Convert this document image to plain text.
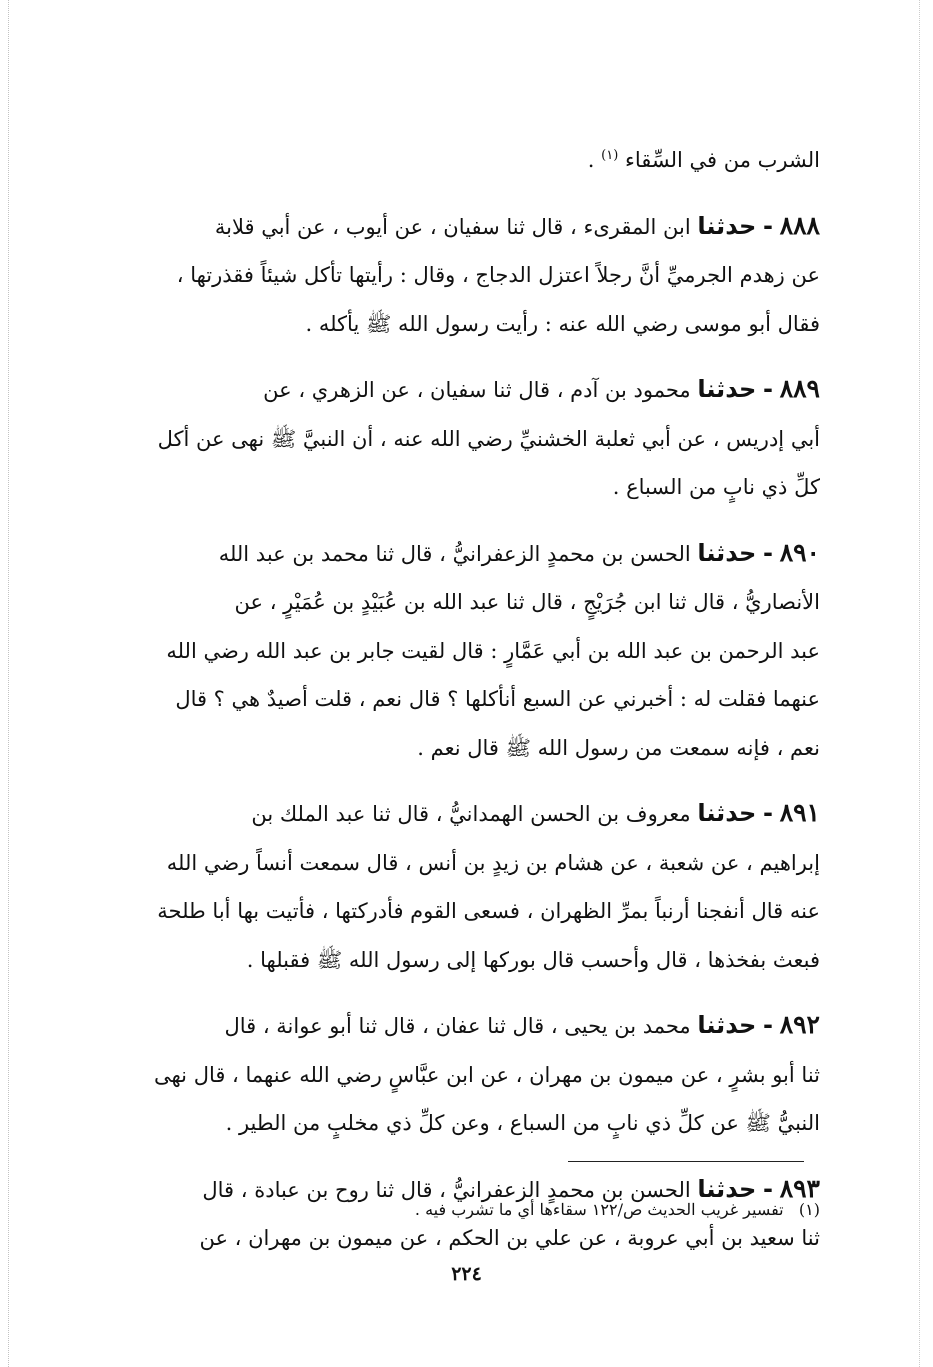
الشرب من في السِّقاء $^{(١)}$ .
٨٨٨ - حدثنا ابن المقرىء ، قال ثنا سفيان ، عن أيوب ، عن أبي قلابة
عن زهدم الجرميِّ أنَّ رجلاً اعتزل الدجاج ، وقال : رأيتها تأكل شيئاً فقذرتها ،
فقال أبو موسى رضي الله عنه : رأيت رسول الله ﷺ يأكله .
٨٨٩ - حدثنا محمود بن آدم ، قال ثنا سفيان ، عن الزهري ، عن
أبي إدريس ، عن أبي ثعلبة الخشنيِّ رضي الله عنه ، أن النبيَّ ﷺ نهى عن أكل
كلِّ ذي نابٍ من السباع .
٨٩٠ - حدثنا الحسن بن محمدٍ الزعفرانيُّ ، قال ثنا محمد بن عبد الله
الأنصاريُّ ، قال ثنا ابن جُرَيْجٍ ، قال ثنا عبد الله بن عُبَيْدٍ بن عُمَيْرٍ ، عن
عبد الرحمن بن عبد الله بن أبي عَمَّارٍ : قال لقيت جابر بن عبد الله رضي الله
عنهما فقلت له : أخبرني عن السبع أنأكلها ؟ قال نعم ، قلت أصيدٌ هي ؟ قال
نعم ، فإنه سمعت من رسول الله ﷺ قال نعم .
٨٩١ - حدثنا معروف بن الحسن الهمدانيُّ ، قال ثنا عبد الملك بن
إبراهيم ، عن شعبة ، عن هشام بن زيدٍ بن أنس ، قال سمعت أنساً رضي الله
عنه قال أنفجنا أرنباً بمرِّ الظهران ، فسعى القوم فأدركتها ، فأتيت بها أبا طلحة
فبعث بفخذها ، قال وأحسب قال بوركها إلى رسول الله ﷺ فقبلها .
٨٩٢ - حدثنا محمد بن يحيى ، قال ثنا عفان ، قال ثنا أبو عوانة ، قال
ثنا أبو بشرٍ ، عن ميمون بن مهران ، عن ابن عبَّاسٍ رضي الله عنهما ، قال نهى
النبيُّ ﷺ عن كلِّ ذي نابٍ من السباع ، وعن كلِّ ذي مخلبٍ من الطير .
٨٩٣ - حدثنا الحسن بن محمدٍ الزعفرانيُّ ، قال ثنا روح بن عبادة ، قال
ثنا سعيد بن أبي عروبة ، عن علي بن الحكم ، عن ميمون بن مهران ، عن
(١)   تفسير غريب الحديث ص/١٢٢ سقاءها أي ما تشرب فيه .
٢٢٤
